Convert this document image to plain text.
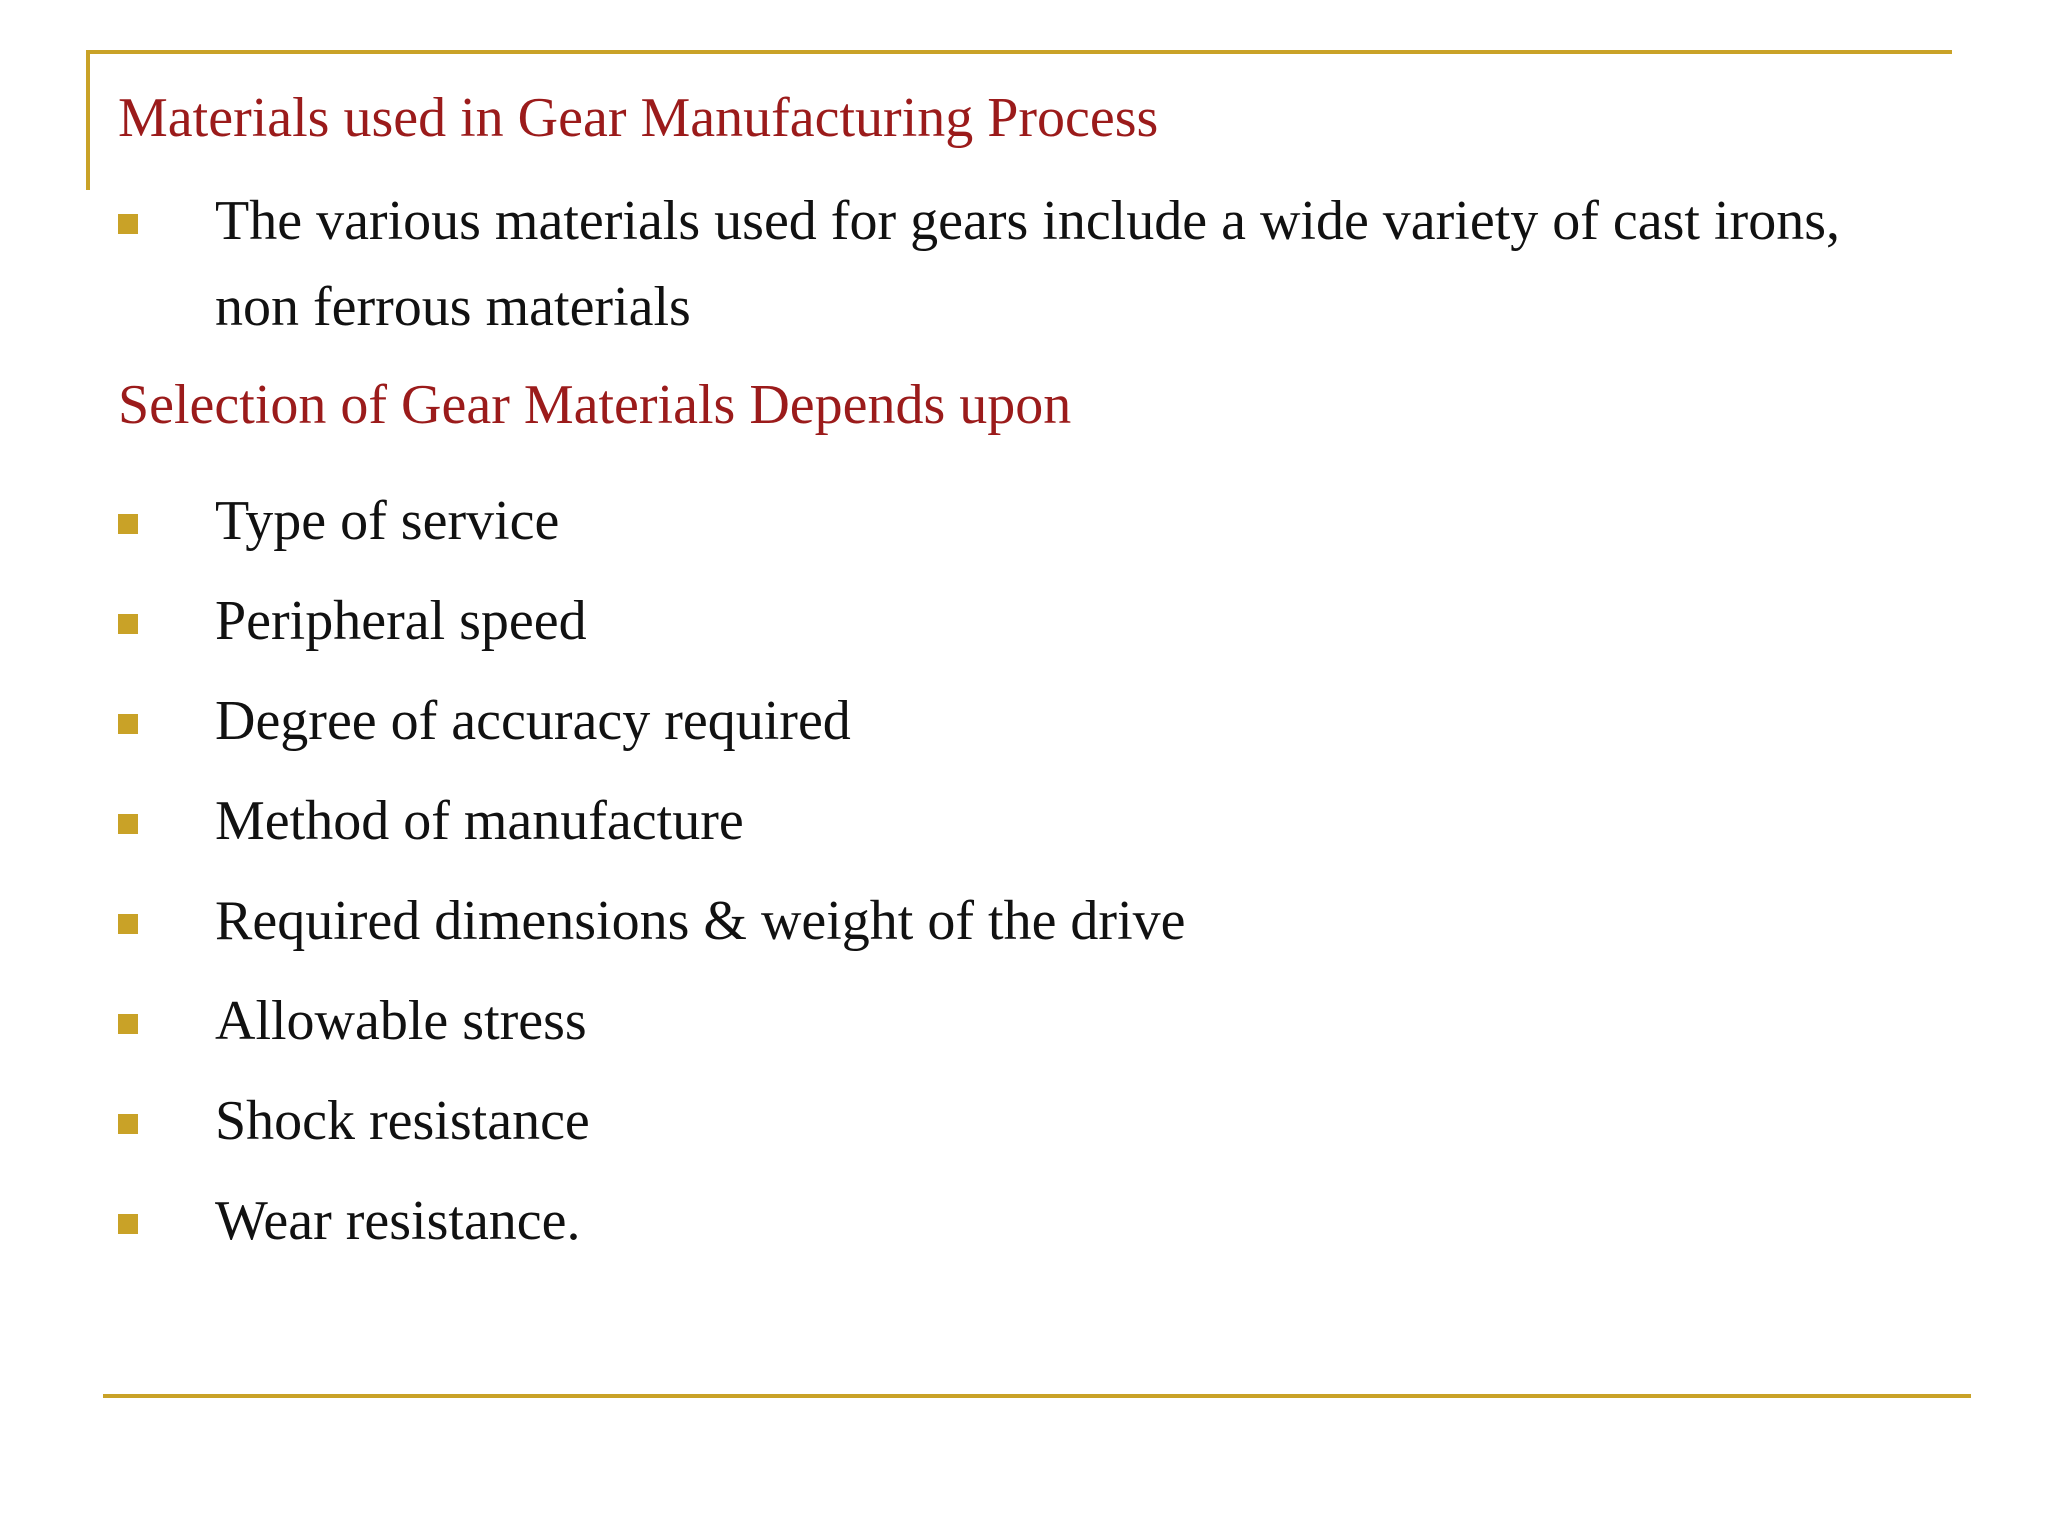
Materials used in Gear Manufacturing Process
The various materials used for gears include a wide variety of cast irons, non ferrous materials
Selection of Gear Materials Depends upon
Type of service
Peripheral speed
Degree of accuracy required
Method of manufacture
Required dimensions & weight of the drive
Allowable stress
Shock resistance
Wear resistance.
